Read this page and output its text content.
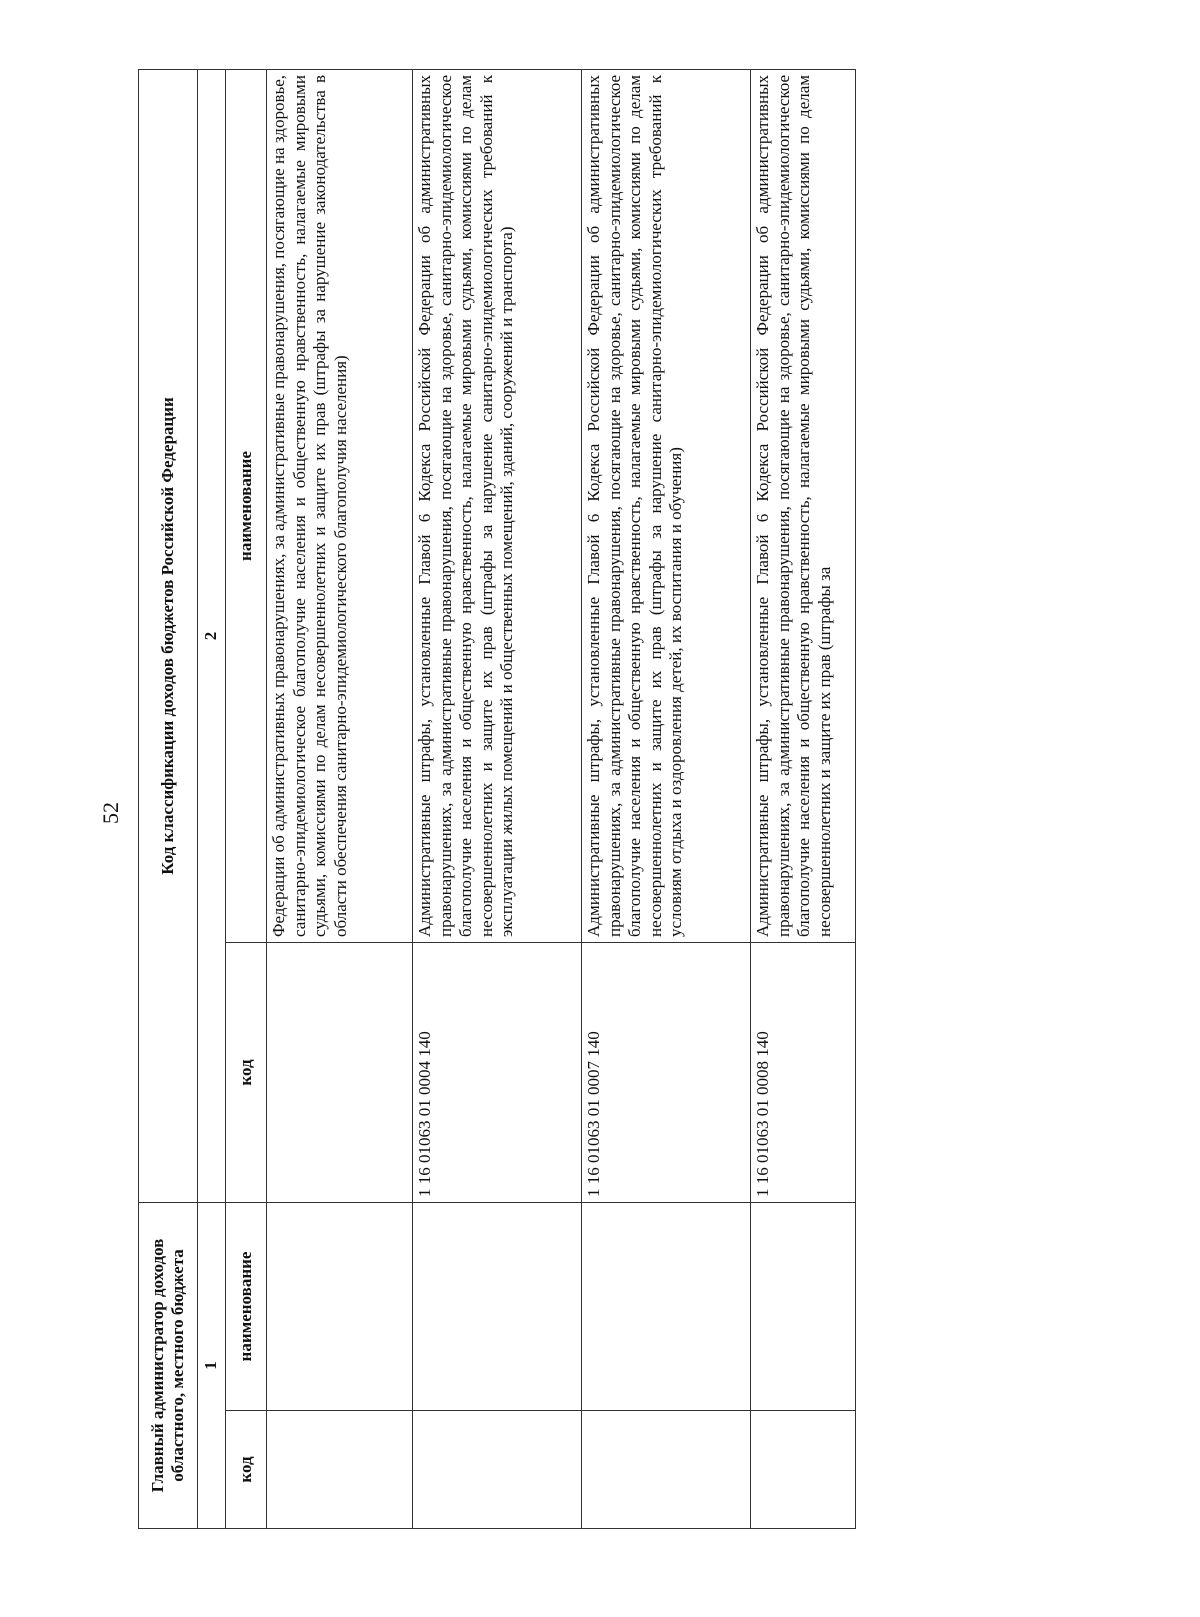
52
Главный администратор доходов областного, местного бюджета		Код классификации доходов бюджетов Российской Федерации	
1		2	
код	наименование	код	наименование
			Федерации об административных правонарушениях, за административные правонарушения, посягающие на здоровье, санитарно-эпидемиологическое благополучие населения и общественную нравственность, налагаемые мировыми судьями, комиссиями по делам несовершеннолетних и защите их прав (штрафы за нарушение законодательства в области обеспечения санитарно-эпидемиологического благополучия населения)
		1 16 01063 01 0004 140	Административные штрафы, установленные Главой 6 Кодекса Российской Федерации об административных правонарушениях, за административные правонарушения, посягающие на здоровье, санитарно-эпидемиологическое благополучие населения и общественную нравственность, налагаемые мировыми судьями, комиссиями по делам несовершеннолетних и защите их прав (штрафы за нарушение санитарно-эпидемиологических требований к эксплуатации жилых помещений и общественных помещений, зданий, сооружений и транспорта)
		1 16 01063 01 0007 140	Административные штрафы, установленные Главой 6 Кодекса Российской Федерации об административных правонарушениях, за административные правонарушения, посягающие на здоровье, санитарно-эпидемиологическое благополучие населения и общественную нравственность, налагаемые мировыми судьями, комиссиями по делам несовершеннолетних и защите их прав (штрафы за нарушение санитарно-эпидемиологических требований к условиям отдыха и оздоровления детей, их воспитания и обучения)
		1 16 01063 01 0008 140	Административные штрафы, установленные Главой 6 Кодекса Российской Федерации об административных правонарушениях, за административные правонарушения, посягающие на здоровье, санитарно-эпидемиологическое благополучие населения и общественную нравственность, налагаемые мировыми судьями, комиссиями по делам несовершеннолетних и защите их прав (штрафы за
